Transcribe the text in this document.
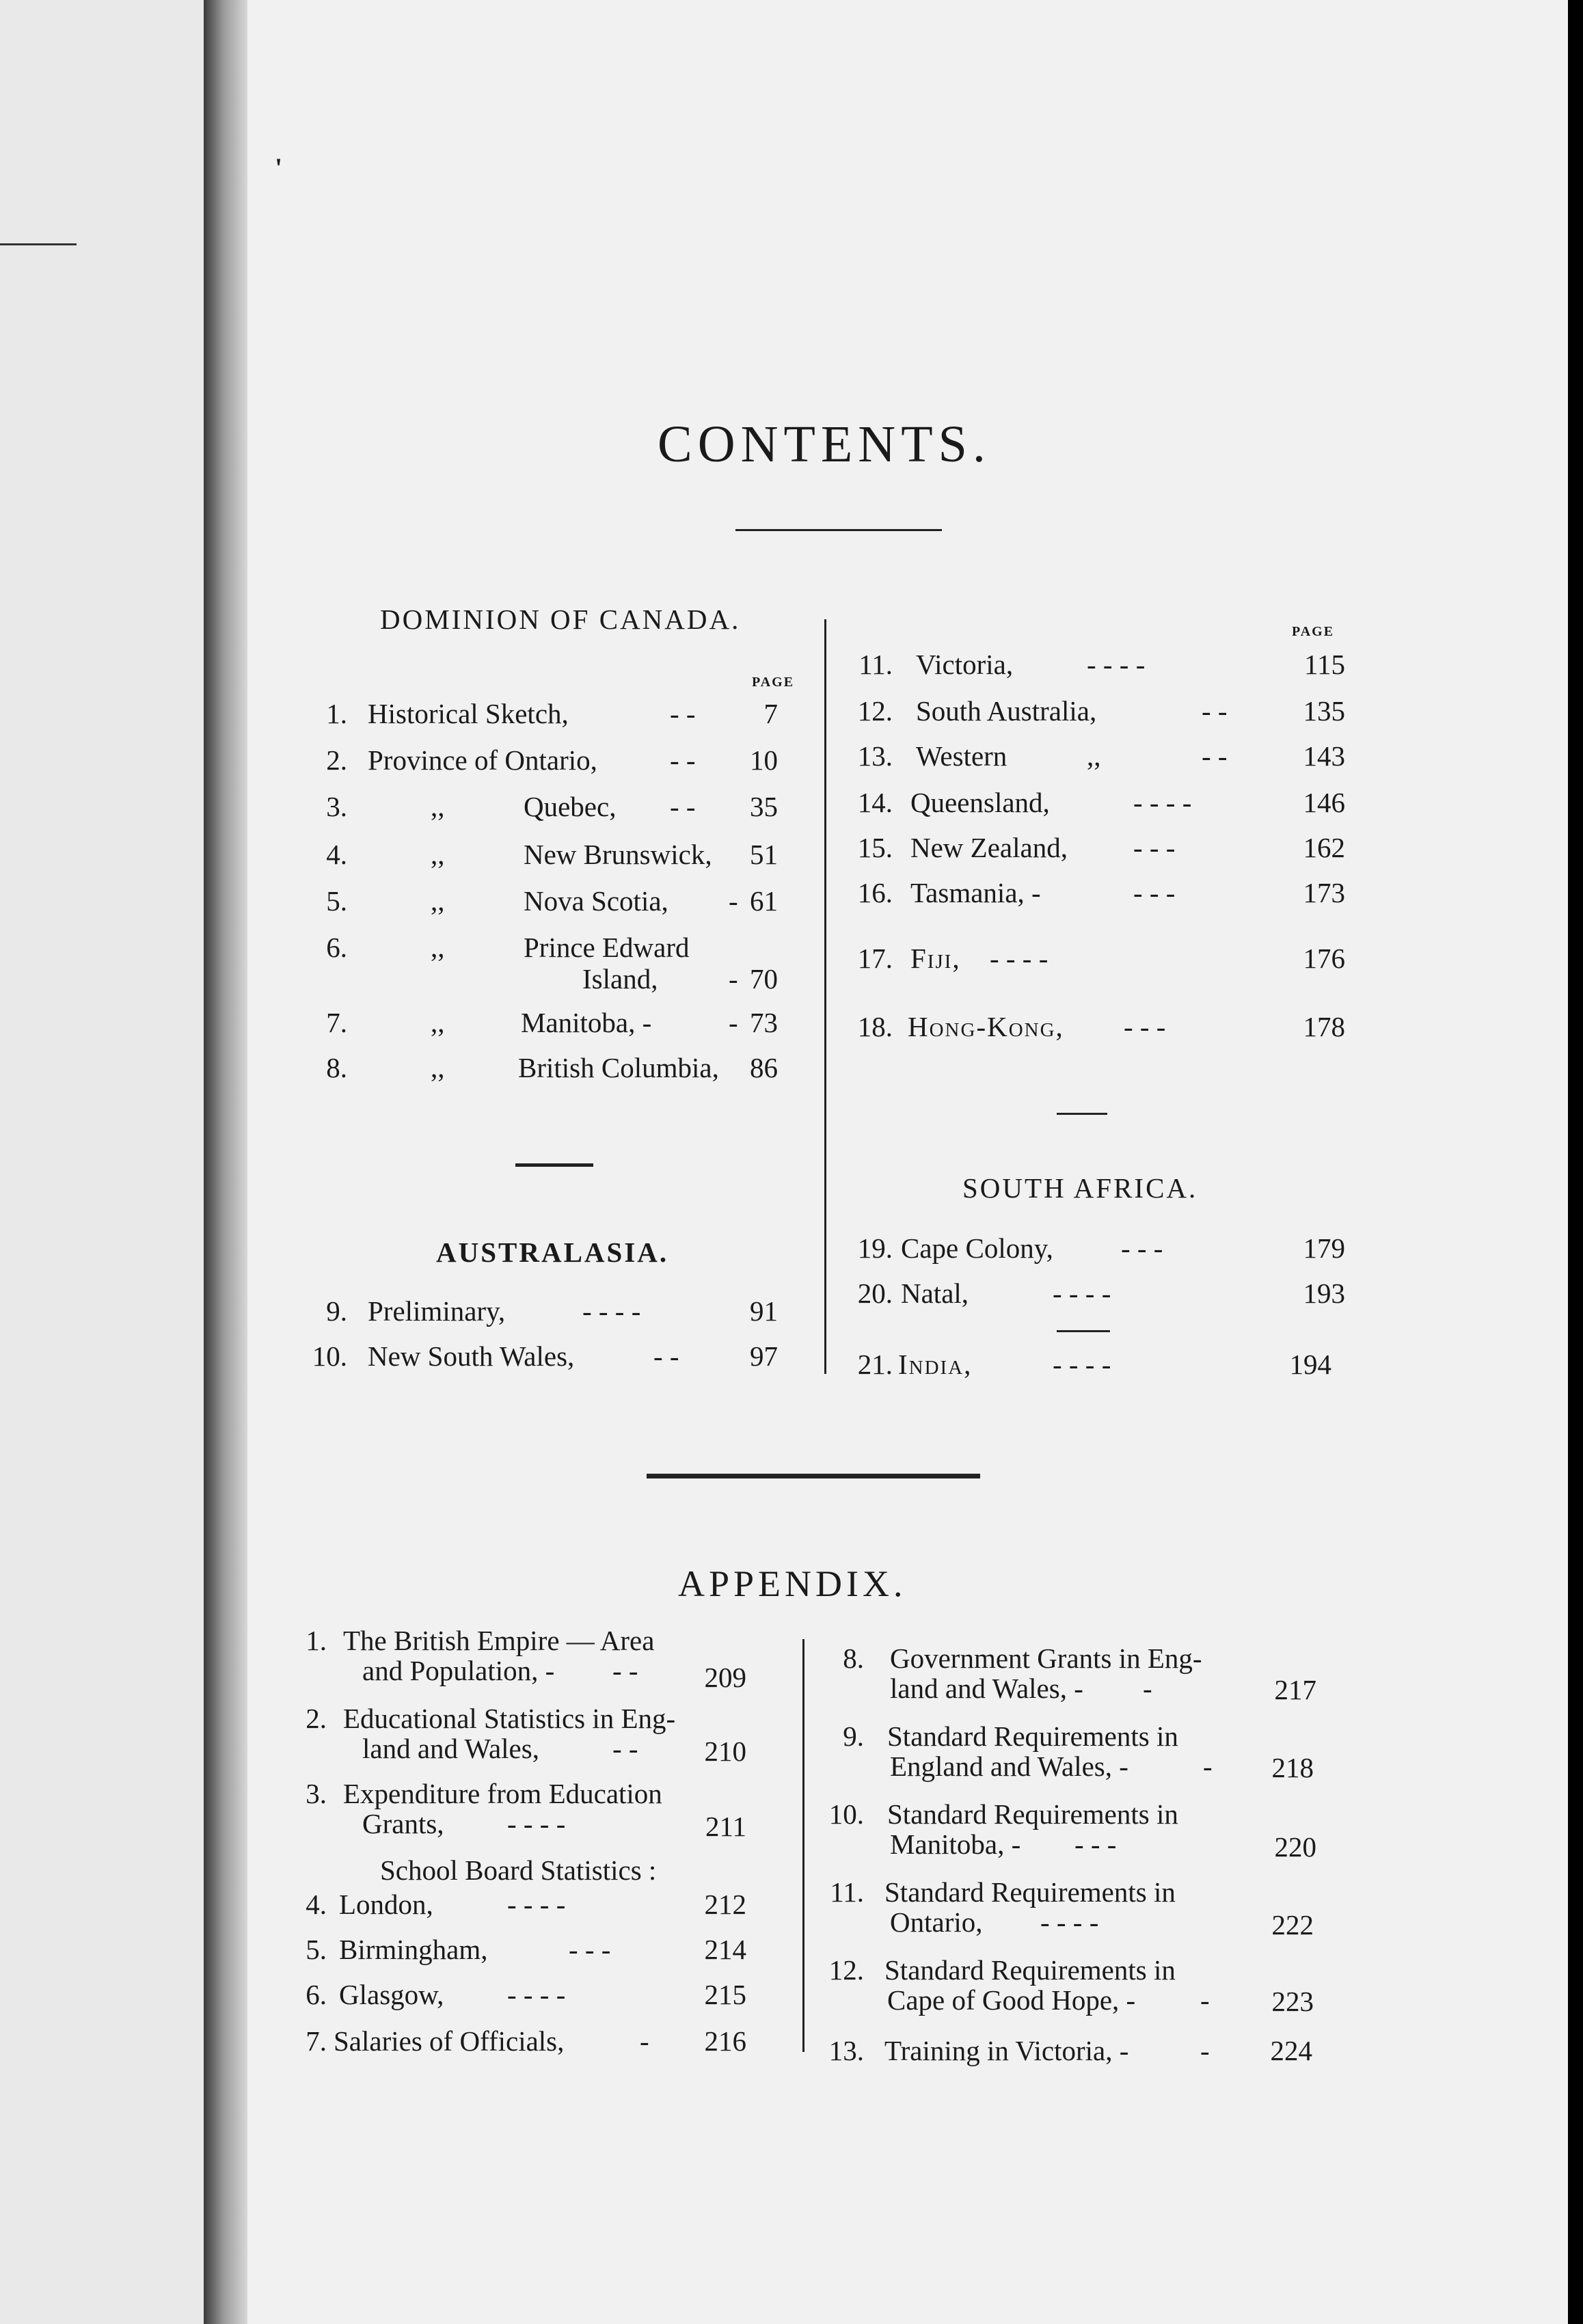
'
CONTENTS.
DOMINION OF CANADA.
PAGE
PAGE
1. Historical Sketch,	- -	7
2. Province of Ontario,	- -	10
3.	,,	Quebec, - -	35
4.	,,	New Brunswick,	51
5.	,,	Nova Scotia, - 61
6.	,,	Prince Edward
Island,	- 70
7.	,,	Manitoba, -	- 73
8.	,,	British Columbia,	86
AUSTRALASIA.
9. Preliminary,	- - - -	91
10. New South Wales,	- -	97
11. Victoria,	- - - -	115
12. South Australia,	- -	135
13. Western	,,	- -	143
14. Queensland,	- - - -	146
15. New Zealand, - - -	162
16. Tasmania, -	- - -	173
17. Fiji, - - - -	176
18. Hong-Kong, - - -	178
SOUTH AFRICA.
19. Cape Colony, - - -	179
20. Natal,	- - - -	193
21. India,	- - - -	194
APPENDIX.
1. The British Empire — Area
and Population, - - -	209
2. Educational Statistics in Eng-
land and Wales,	- -	210
3. Expenditure from Education
Grants, - - - -	211
School Board Statistics :
4. London,	- - - -	212
5. Birmingham,	- - -	214
6. Glasgow, - - - -	215
7. Salaries of Officials,	-	216
8. Government Grants in Eng-
land and Wales, - -	217
9. Standard Requirements in
England and Wales, -	-	218
10. Standard Requirements in
Manitoba, - - - -	220
11. Standard Requirements in
Ontario, - - - -	222
12. Standard Requirements in
Cape of Good Hope, - -	223
13. Training in Victoria, -	-	224
